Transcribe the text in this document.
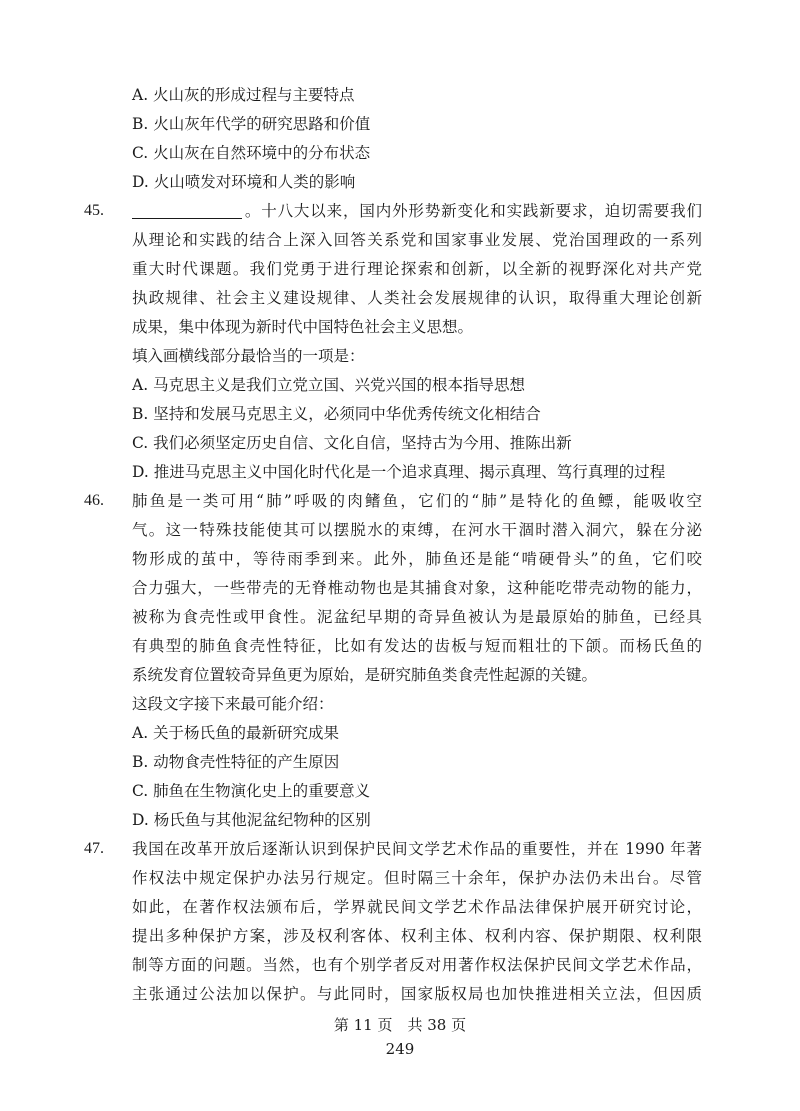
A. 火山灰的形成过程与主要特点
B. 火山灰年代学的研究思路和价值
C. 火山灰在自然环境中的分布状态
D. 火山喷发对环境和人类的影响
45.	。十八大以来，国内外形势新变化和实践新要求，迫切需要我们
从理论和实践的结合上深入回答关系党和国家事业发展、党治国理政的一系列
重大时代课题。我们党勇于进行理论探索和创新，以全新的视野深化对共产党
执政规律、社会主义建设规律、人类社会发展规律的认识，取得重大理论创新
成果，集中体现为新时代中国特色社会主义思想。
填入画横线部分最恰当的一项是：
A. 马克思主义是我们立党立国、兴党兴国的根本指导思想
B. 坚持和发展马克思主义，必须同中华优秀传统文化相结合
C. 我们必须坚定历史自信、文化自信，坚持古为今用、推陈出新
D. 推进马克思主义中国化时代化是一个追求真理、揭示真理、笃行真理的过程
46. 肺鱼是一类可用“肺”呼吸的肉鳍鱼，它们的“肺”是特化的鱼鳔，能吸收空
气。这一特殊技能使其可以摆脱水的束缚，在河水干涸时潜入洞穴，躲在分泌
物形成的茧中，等待雨季到来。此外，肺鱼还是能“啃硬骨头”的鱼，它们咬
合力强大，一些带壳的无脊椎动物也是其捕食对象，这种能吃带壳动物的能力，
被称为食壳性或甲食性。泥盆纪早期的奇异鱼被认为是最原始的肺鱼，已经具
有典型的肺鱼食壳性特征，比如有发达的齿板与短而粗壮的下颌。而杨氏鱼的
系统发育位置较奇异鱼更为原始，是研究肺鱼类食壳性起源的关键。
这段文字接下来最可能介绍：
A. 关于杨氏鱼的最新研究成果
B. 动物食壳性特征的产生原因
C. 肺鱼在生物演化史上的重要意义
D. 杨氏鱼与其他泥盆纪物种的区别
47. 我国在改革开放后逐渐认识到保护民间文学艺术作品的重要性，并在 1990 年著
作权法中规定保护办法另行规定。但时隔三十余年，保护办法仍未出台。尽管
如此，在著作权法颁布后，学界就民间文学艺术作品法律保护展开研究讨论，
提出多种保护方案，涉及权利客体、权利主体、权利内容、保护期限、权利限
制等方面的问题。当然，也有个别学者反对用著作权法保护民间文学艺术作品，
主张通过公法加以保护。与此同时，国家版权局也加快推进相关立法，但因质
第 11 页　共 38 页
249
